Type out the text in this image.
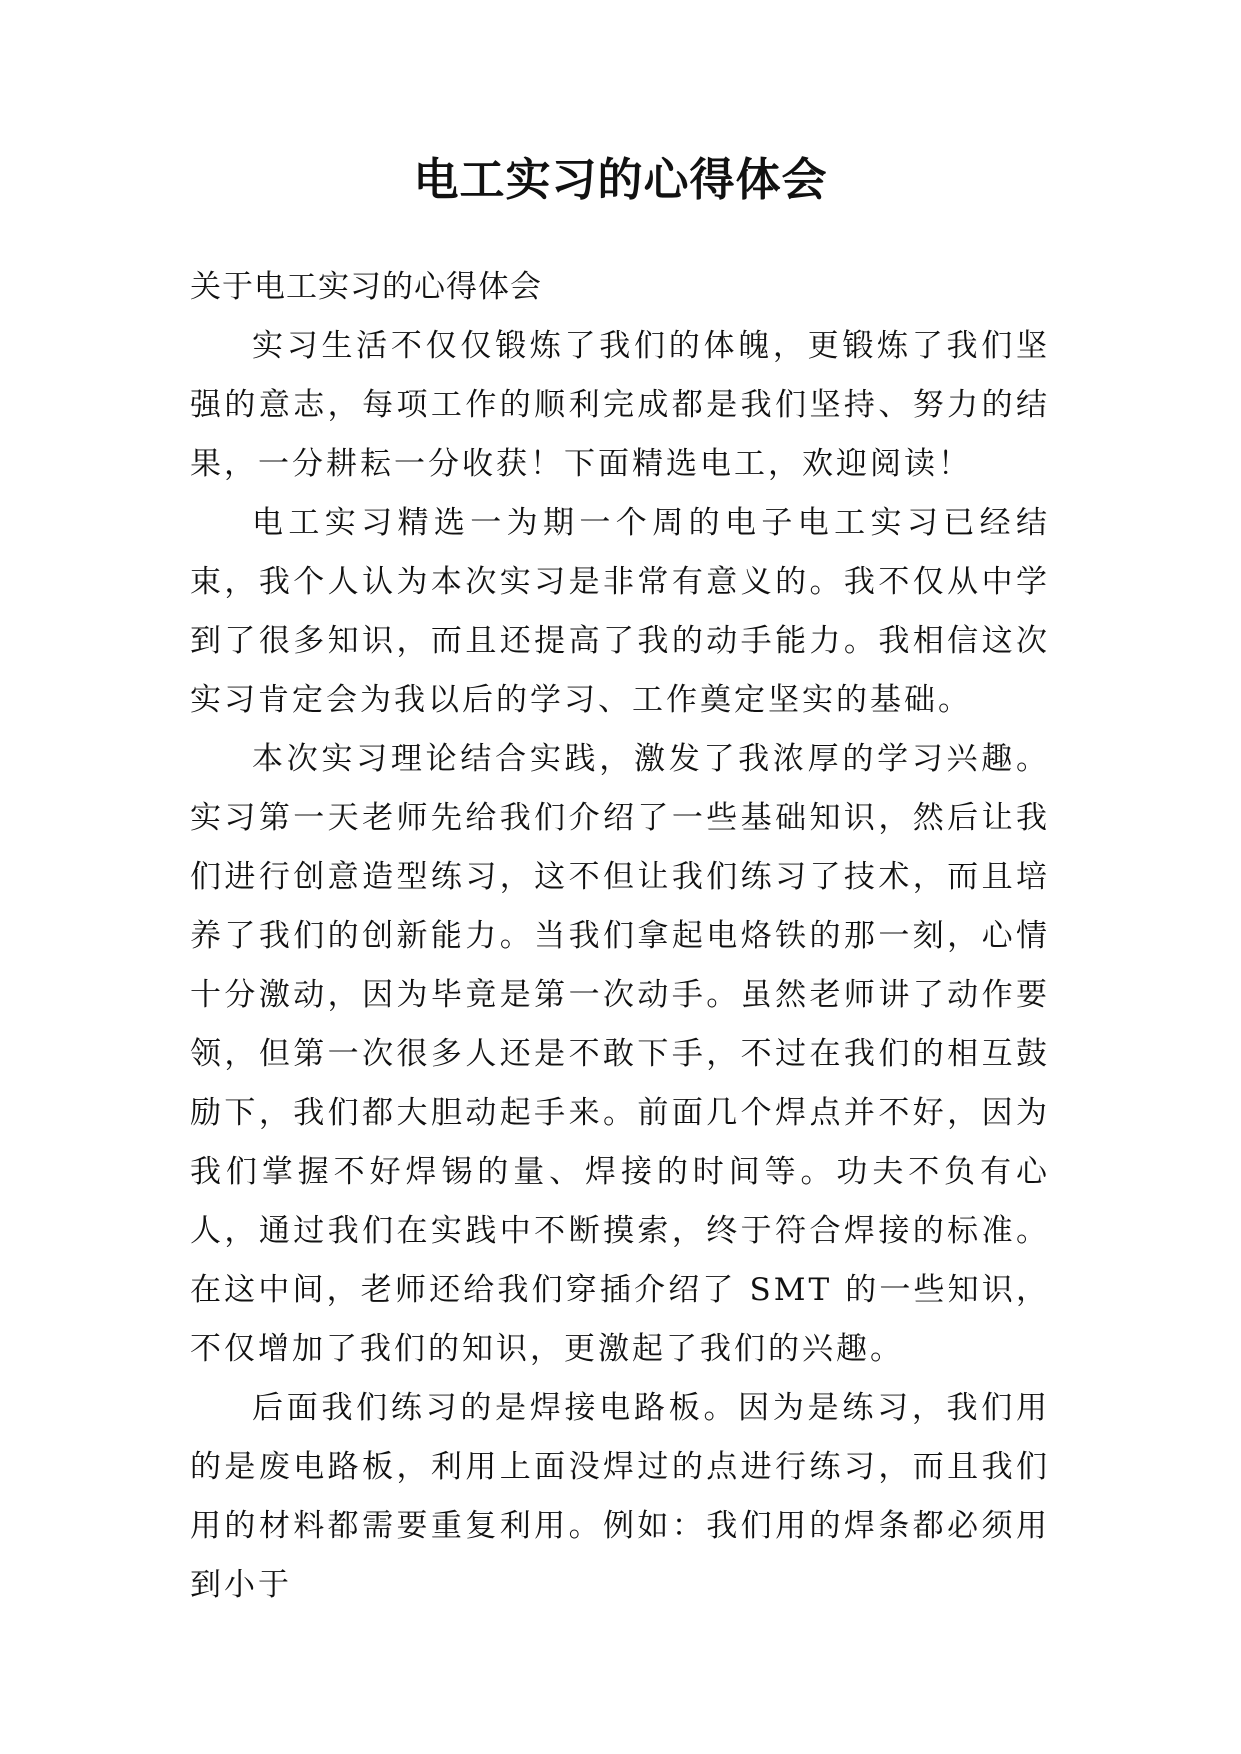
电工实习的心得体会

关于电工实习的心得体会

实习生活不仅仅锻炼了我们的体魄，更锻炼了我们坚强的意志，每项工作的顺利完成都是我们坚持、努力的结果，一分耕耘一分收获！下面精选电工，欢迎阅读！

电工实习精选一为期一个周的电子电工实习已经结束，我个人认为本次实习是非常有意义的。我不仅从中学到了很多知识，而且还提高了我的动手能力。我相信这次实习肯定会为我以后的学习、工作奠定坚实的基础。

本次实习理论结合实践，激发了我浓厚的学习兴趣。实习第一天老师先给我们介绍了一些基础知识，然后让我们进行创意造型练习，这不但让我们练习了技术，而且培养了我们的创新能力。当我们拿起电烙铁的那一刻，心情十分激动，因为毕竟是第一次动手。虽然老师讲了动作要领，但第一次很多人还是不敢下手，不过在我们的相互鼓励下，我们都大胆动起手来。前面几个焊点并不好，因为我们掌握不好焊锡的量、焊接的时间等。功夫不负有心人，通过我们在实践中不断摸索，终于符合焊接的标准。在这中间，老师还给我们穿插介绍了 SMT 的一些知识，不仅增加了我们的知识，更激起了我们的兴趣。

后面我们练习的是焊接电路板。因为是练习，我们用的是废电路板，利用上面没焊过的点进行练习，而且我们用的材料都需要重复利用。例如：我们用的焊条都必须用到小于
